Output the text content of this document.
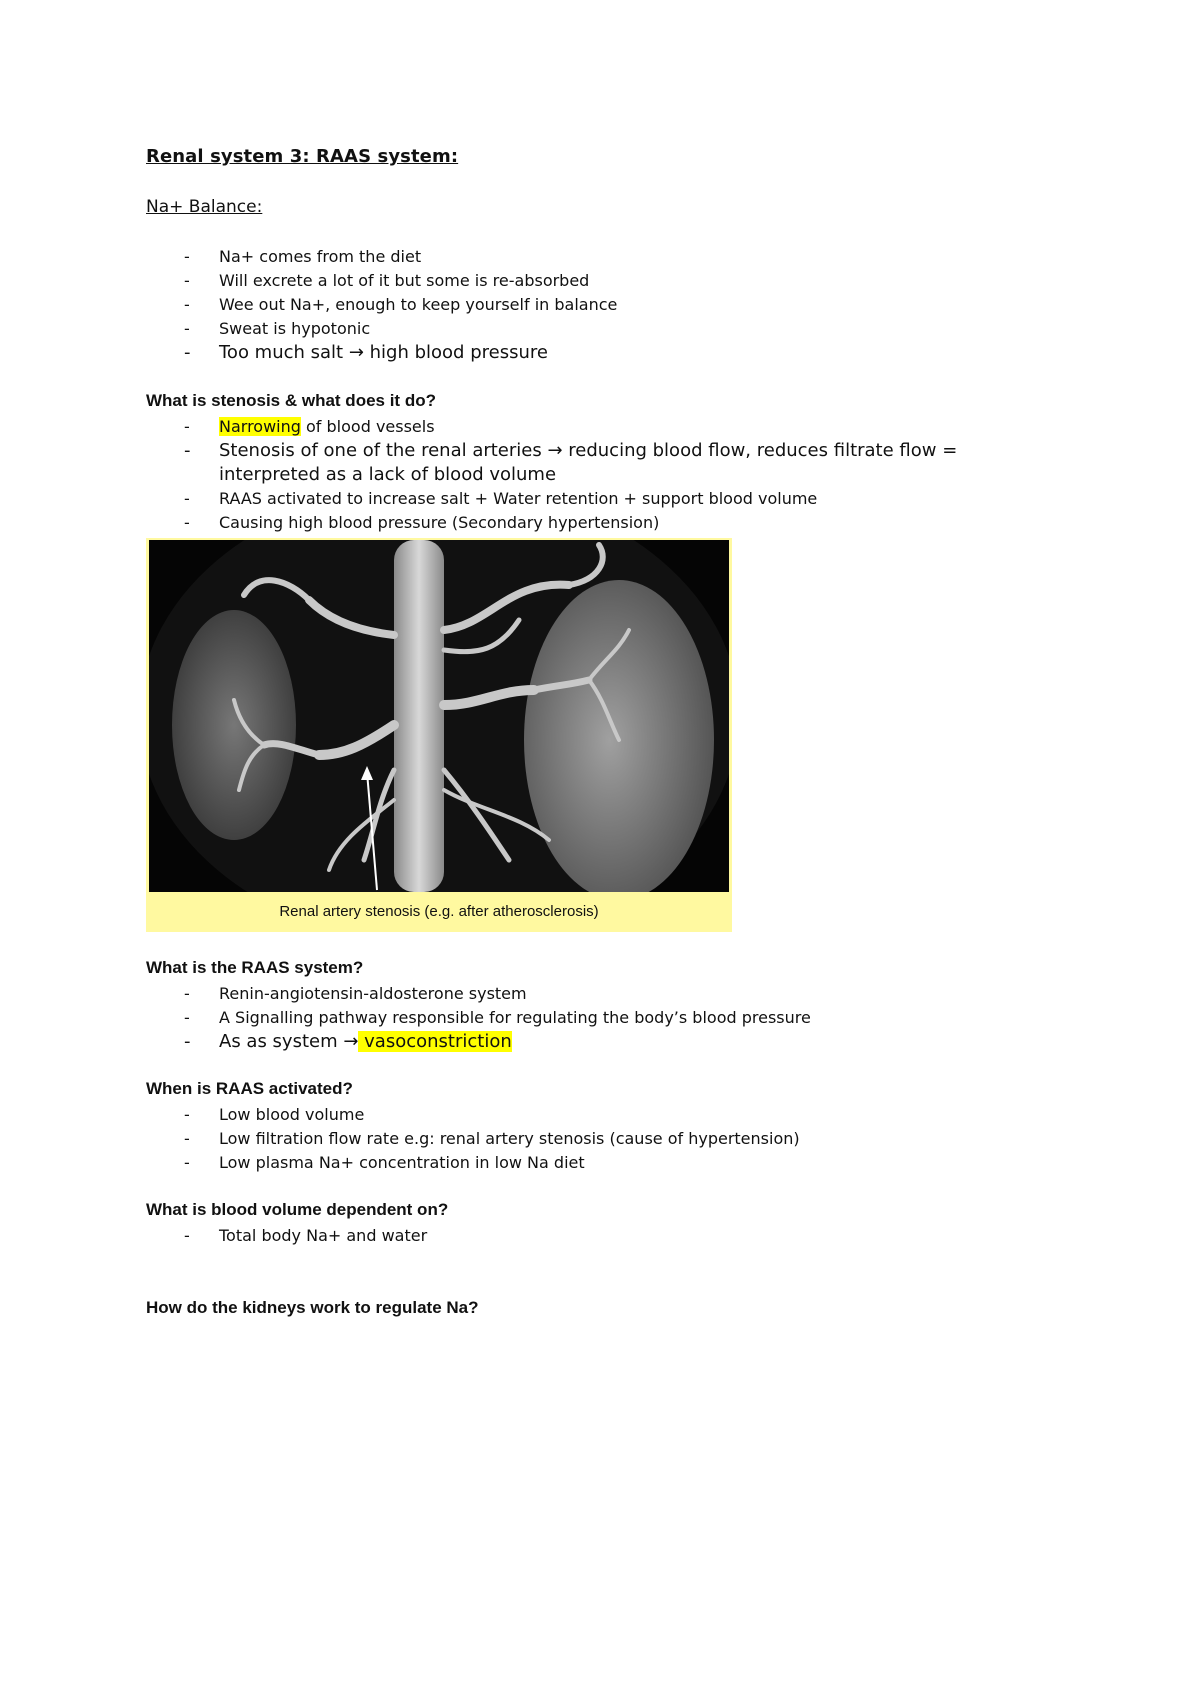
Renal system 3: RAAS system:
Na+ Balance:
- Na+ comes from the diet
- Will excrete a lot of it but some is re-absorbed
- Wee out Na+, enough to keep yourself in balance
- Sweat is hypotonic
- Too much salt → high blood pressure
What is stenosis & what does it do?
- Narrowing of blood vessels
- Stenosis of one of the renal arteries → reducing blood flow, reduces filtrate flow =
interpreted as a lack of blood volume
- RAAS activated to increase salt + Water retention + support blood volume
- Causing high blood pressure (Secondary hypertension)
Renal artery stenosis (e.g. after atherosclerosis)
What is the RAAS system?
- Renin-angiotensin-aldosterone system
- A Signalling pathway responsible for regulating the body’s blood pressure
- As as system → vasoconstriction
When is RAAS activated?
- Low blood volume
- Low filtration flow rate e.g: renal artery stenosis (cause of hypertension)
- Low plasma Na+ concentration in low Na diet
What is blood volume dependent on?
- Total body Na+ and water
How do the kidneys work to regulate Na?
